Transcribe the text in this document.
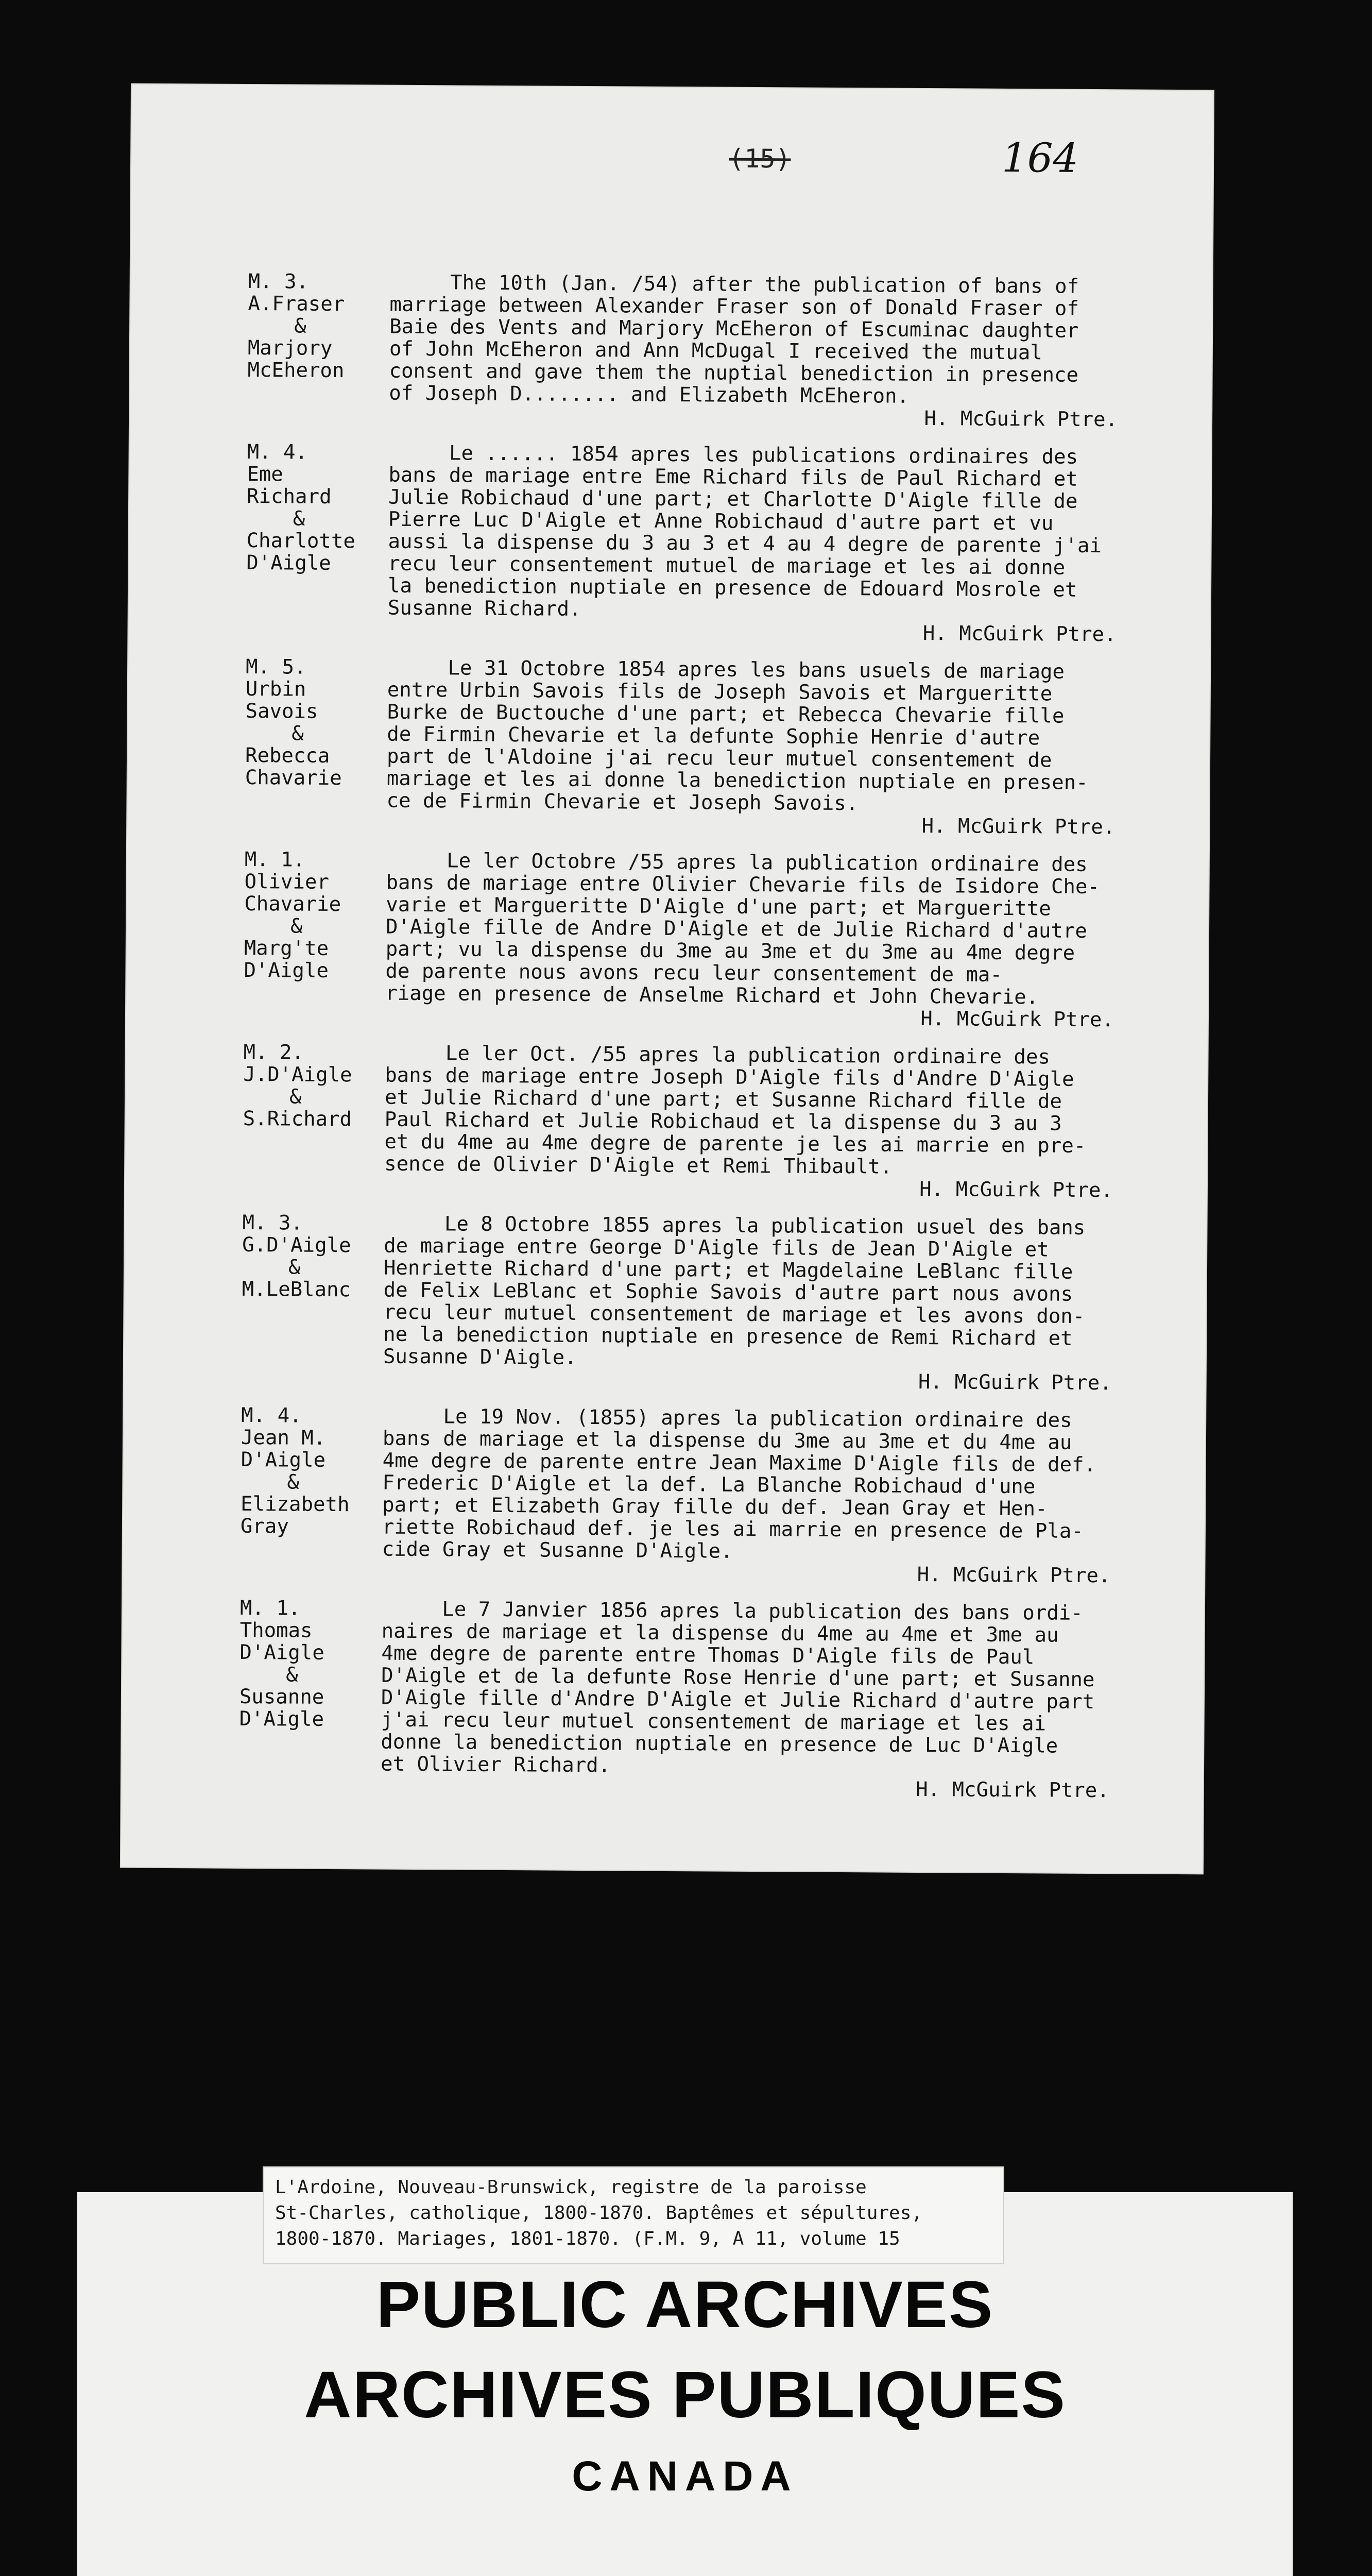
(15)	164
M. 3.
A.Fraser
&
Marjory
McEheron
The 10th (Jan. /54) after the publication of bans of
marriage between Alexander Fraser son of Donald Fraser of
Baie des Vents and Marjory McEheron of Escuminac daughter
of John McEheron and Ann McDugal I received the mutual
consent and gave them the nuptial benediction in presence
of Joseph D........ and Elizabeth McEheron.
H. McGuirk Ptre.
M. 4.
Eme
Richard
&
Charlotte
D'Aigle
Le ...... 1854 apres les publications ordinaires des
bans de mariage entre Eme Richard fils de Paul Richard et
Julie Robichaud d'une part; et Charlotte D'Aigle fille de
Pierre Luc D'Aigle et Anne Robichaud d'autre part et vu
aussi la dispense du 3 au 3 et 4 au 4 degre de parente j'ai
recu leur consentement mutuel de mariage et les ai donne
la benediction nuptiale en presence de Edouard Mosrole et
Susanne Richard.
H. McGuirk Ptre.
M. 5.
Urbin
Savois
&
Rebecca
Chavarie
Le 31 Octobre 1854 apres les bans usuels de mariage
entre Urbin Savois fils de Joseph Savois et Margueritte
Burke de Buctouche d'une part; et Rebecca Chevarie fille
de Firmin Chevarie et la defunte Sophie Henrie d'autre
part de l'Aldoine j'ai recu leur mutuel consentement de
mariage et les ai donne la benediction nuptiale en presen-
ce de Firmin Chevarie et Joseph Savois.
H. McGuirk Ptre.
M. 1.
Olivier
Chavarie
&
Marg'te
D'Aigle
Le ler Octobre /55 apres la publication ordinaire des
bans de mariage entre Olivier Chevarie fils de Isidore Che-
varie et Margueritte D'Aigle d'une part; et Margueritte
D'Aigle fille de Andre D'Aigle et de Julie Richard d'autre
part; vu la dispense du 3me au 3me et du 3me au 4me degre
de parente nous avons recu leur consentement de ma-
riage en presence de Anselme Richard et John Chevarie.
H. McGuirk Ptre.
M. 2.
J.D'Aigle
&
S.Richard
Le ler Oct. /55 apres la publication ordinaire des
bans de mariage entre Joseph D'Aigle fils d'Andre D'Aigle
et Julie Richard d'une part; et Susanne Richard fille de
Paul Richard et Julie Robichaud et la dispense du 3 au 3
et du 4me au 4me degre de parente je les ai marrie en pre-
sence de Olivier D'Aigle et Remi Thibault.
H. McGuirk Ptre.
M. 3.
G.D'Aigle
&
M.LeBlanc
Le 8 Octobre 1855 apres la publication usuel des bans
de mariage entre George D'Aigle fils de Jean D'Aigle et
Henriette Richard d'une part; et Magdelaine LeBlanc fille
de Felix LeBlanc et Sophie Savois d'autre part nous avons
recu leur mutuel consentement de mariage et les avons don-
ne la benediction nuptiale en presence de Remi Richard et
Susanne D'Aigle.
H. McGuirk Ptre.
M. 4.
Jean M.
D'Aigle
&
Elizabeth
Gray
Le 19 Nov. (1855) apres la publication ordinaire des
bans de mariage et la dispense du 3me au 3me et du 4me au
4me degre de parente entre Jean Maxime D'Aigle fils de def.
Frederic D'Aigle et la def. La Blanche Robichaud d'une
part; et Elizabeth Gray fille du def. Jean Gray et Hen-
riette Robichaud def. je les ai marrie en presence de Pla-
cide Gray et Susanne D'Aigle.
H. McGuirk Ptre.
M. 1.
Thomas
D'Aigle
&
Susanne
D'Aigle
Le 7 Janvier 1856 apres la publication des bans ordi-
naires de mariage et la dispense du 4me au 4me et 3me au
4me degre de parente entre Thomas D'Aigle fils de Paul
D'Aigle et de la defunte Rose Henrie d'une part; et Susanne
D'Aigle fille d'Andre D'Aigle et Julie Richard d'autre part
j'ai recu leur mutuel consentement de mariage et les ai
donne la benediction nuptiale en presence de Luc D'Aigle
et Olivier Richard.
H. McGuirk Ptre.
L'Ardoine, Nouveau-Brunswick, registre de la paroisse
St-Charles, catholique, 1800-1870. Baptêmes et sépultures,
1800-1870. Mariages, 1801-1870. (F.M. 9, A 11, volume 15
PUBLIC ARCHIVES
ARCHIVES PUBLIQUES
CANADA
